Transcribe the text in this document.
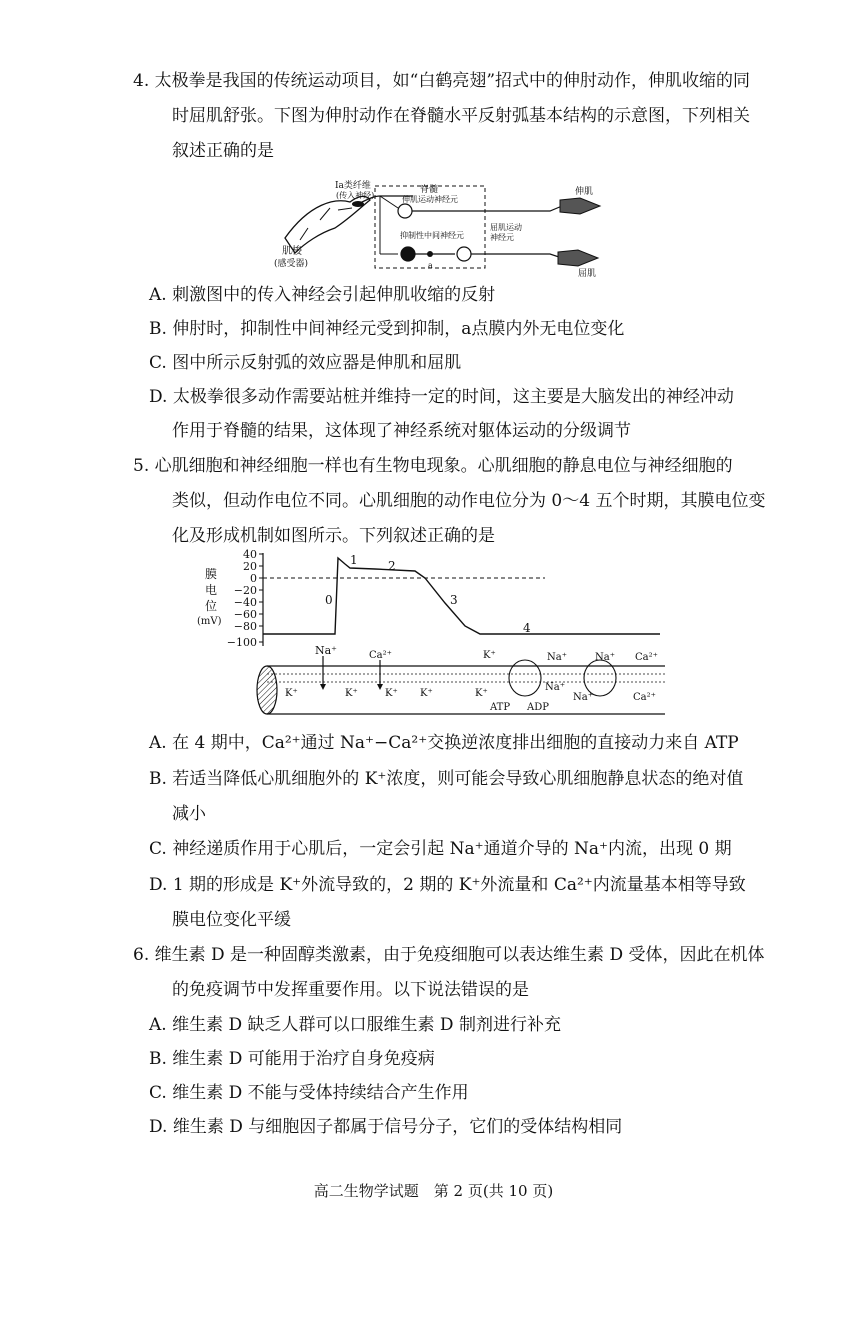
4. 太极拳是我国的传统运动项目，如“白鹤亮翅”招式中的伸肘动作，伸肌收缩的同
时屈肌舒张。下图为伸肘动作在脊髓水平反射弧基本结构的示意图，下列相关
叙述正确的是
肌梭
(感受器)
Ia类纤维
(传入神经)
脊髓
伸肌运动神经元
抑制性中间神经元
a
屈肌运动
神经元
伸肌
屈肌
A. 刺激图中的传入神经会引起伸肌收缩的反射
B. 伸肘时，抑制性中间神经元受到抑制，a点膜内外无电位变化
C. 图中所示反射弧的效应器是伸肌和屈肌
D. 太极拳很多动作需要站桩并维持一定的时间，这主要是大脑发出的神经冲动
作用于脊髓的结果，这体现了神经系统对躯体运动的分级调节
5. 心肌细胞和神经细胞一样也有生物电现象。心肌细胞的静息电位与神经细胞的
类似，但动作电位不同。心肌细胞的动作电位分为 0～4 五个时期，其膜电位变
化及形成机制如图所示。下列叙述正确的是
膜
电
位
(mV)
40
20
0
−20
−40
−60
−80
−100
0
1	2
3
4
Na⁺	Ca²⁺
K⁺	K⁺	K⁺ K⁺
K⁺
K⁺
Na⁺
Na⁺
Na⁺
Na⁺ Ca²⁺
Ca²⁺
ATP ADP
A. 在 4 期中，Ca²⁺通过 Na⁺−Ca²⁺交换逆浓度排出细胞的直接动力来自 ATP
B. 若适当降低心肌细胞外的 K⁺浓度，则可能会导致心肌细胞静息状态的绝对值
减小
C. 神经递质作用于心肌后，一定会引起 Na⁺通道介导的 Na⁺内流，出现 0 期
D. 1 期的形成是 K⁺外流导致的，2 期的 K⁺外流量和 Ca²⁺内流量基本相等导致
膜电位变化平缓
6. 维生素 D 是一种固醇类激素，由于免疫细胞可以表达维生素 D 受体，因此在机体
的免疫调节中发挥重要作用。以下说法错误的是
A. 维生素 D 缺乏人群可以口服维生素 D 制剂进行补充
B. 维生素 D 可能用于治疗自身免疫病
C. 维生素 D 不能与受体持续结合产生作用
D. 维生素 D 与细胞因子都属于信号分子，它们的受体结构相同
高二生物学试题　第 2 页(共 10 页)
